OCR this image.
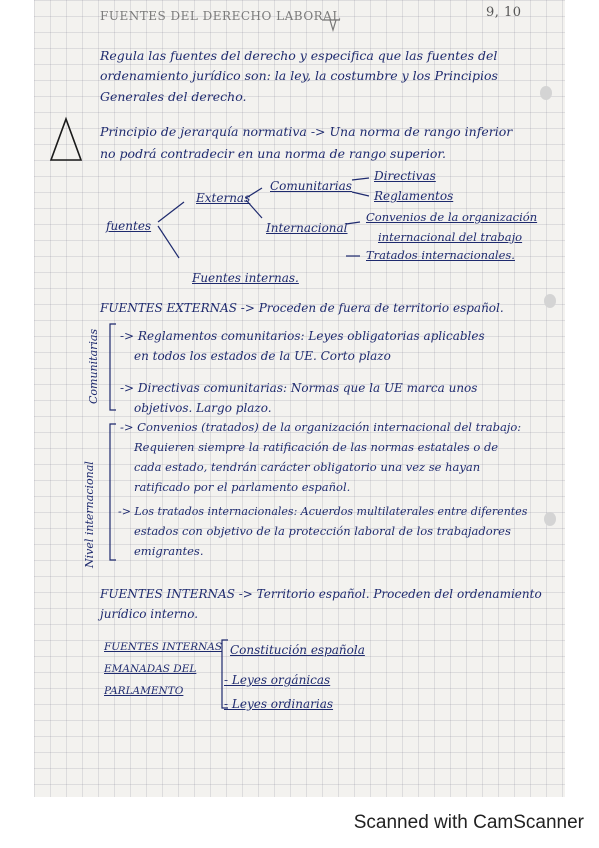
FUENTES DEL DERECHO LABORAL	9, 10
Regula las fuentes del derecho y especifica que las fuentes del
ordenamiento jurídico son: la ley, la costumbre y los Principios
Generales del derecho.
Principio de jerarquía normativa -> Una norma de rango inferior
no podrá contradecir en una norma de rango superior.
fuentes
Externas
Comunitarias
Directivas
Reglamentos
Internacional
Convenios de la organización
internacional del trabajo
Tratados internacionales.
Fuentes internas.
FUENTES EXTERNAS -> Proceden de fuera de territorio español.
Comunitarias
Nivel internacional
-> Reglamentos comunitarios: Leyes obligatorias aplicables
en todos los estados de la UE. Corto plazo
-> Directivas comunitarias: Normas que la UE marca unos
objetivos. Largo plazo.
-> Convenios (tratados) de la organización internacional del trabajo:
Requieren siempre la ratificación de las normas estatales o de
cada estado, tendrán carácter obligatorio una vez se hayan
ratificado por el parlamento español.
-> Los tratados internacionales: Acuerdos multilaterales entre diferentes
estados con objetivo de la protección laboral de los trabajadores
emigrantes.
FUENTES INTERNAS -> Territorio español. Proceden del ordenamiento
jurídico interno.
FUENTES INTERNAS
EMANADAS DEL
PARLAMENTO
Constitución española
- Leyes orgánicas
- Leyes ordinarias
Scanned with CamScanner
